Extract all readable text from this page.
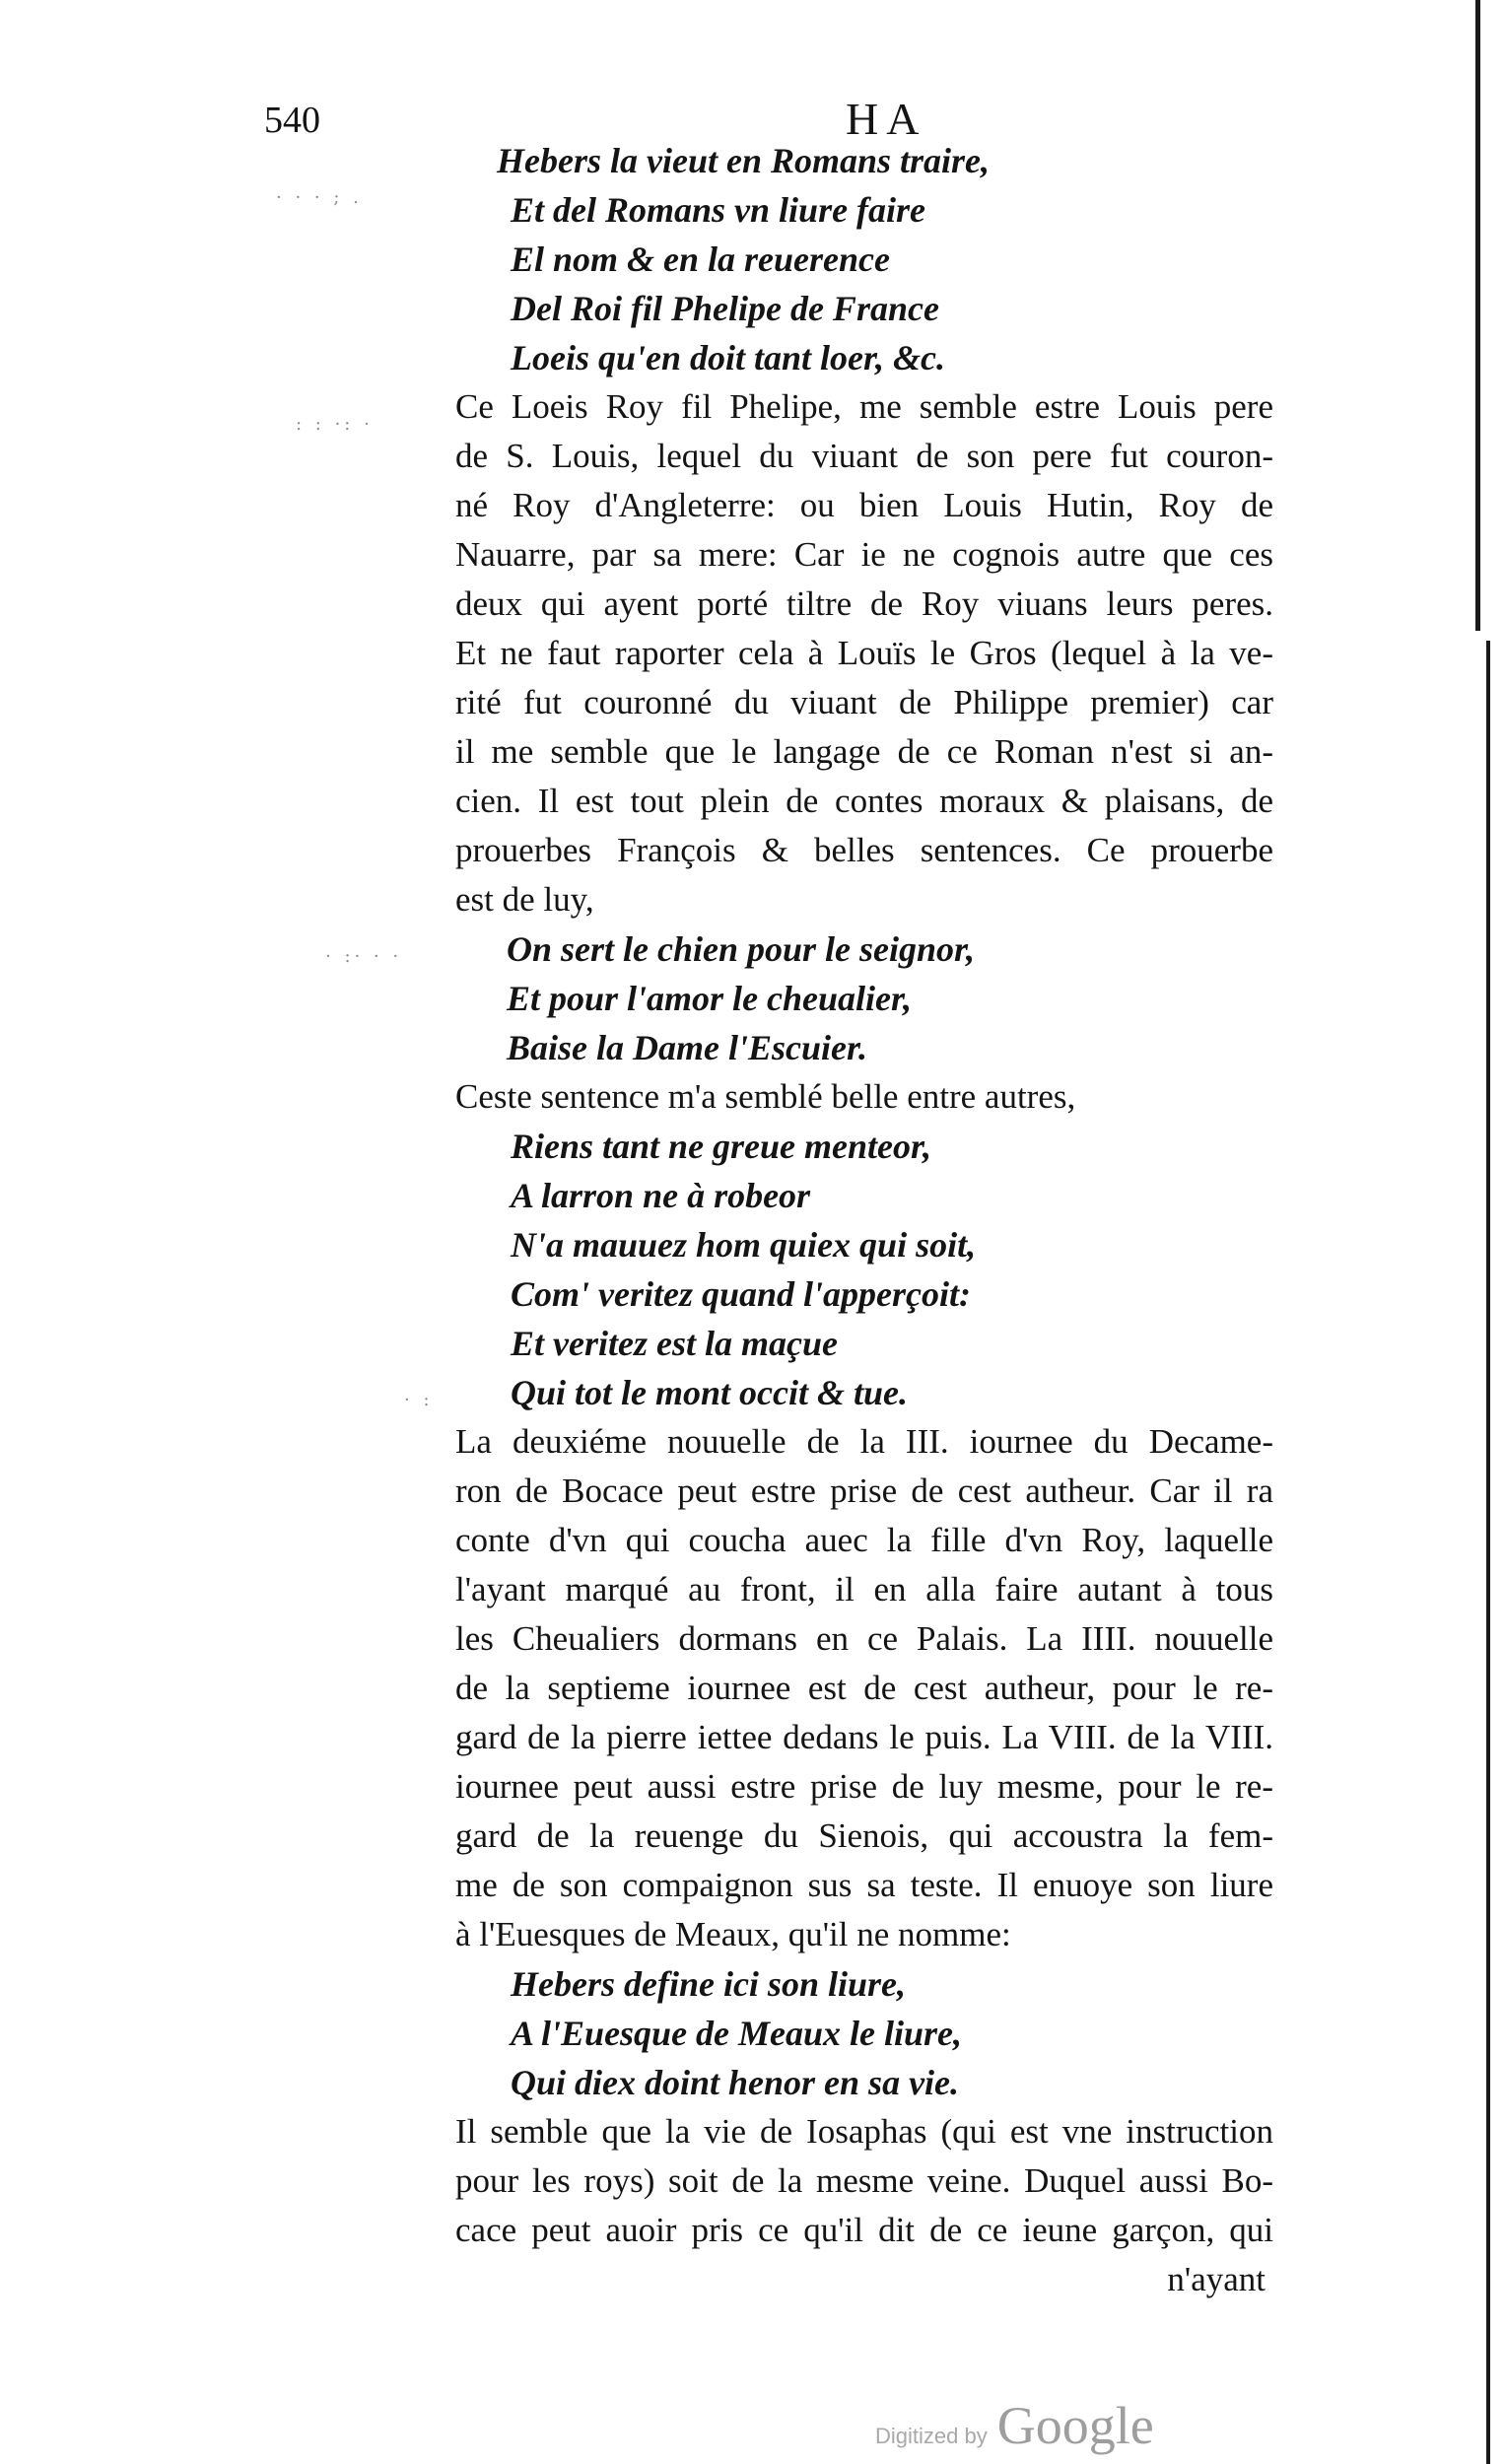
540	HA
· · · ; .
: : ·: ·
· :· · ·
· :
Hebers la vieut en Romans traire,
Et del Romans vn liure faire
El nom & en la reuerence
Del Roi fil Phelipe de France
Loeis qu'en doit tant loer, &c.
Ce Loeis Roy fil Phelipe, me semble estre Louis pere
de S. Louis, lequel du viuant de son pere fut couron-
né Roy d'Angleterre: ou bien Louis Hutin, Roy de
Nauarre, par sa mere: Car ie ne cognois autre que ces
deux qui ayent porté tiltre de Roy viuans leurs peres.
Et ne faut raporter cela à Louïs le Gros (lequel à la ve-
rité fut couronné du viuant de Philippe premier) car
il me semble que le langage de ce Roman n'est si an-
cien. Il est tout plein de contes moraux & plaisans, de
prouerbes François & belles sentences. Ce prouerbe
est de luy,
On sert le chien pour le seignor,
Et pour l'amor le cheualier,
Baise la Dame l'Escuier.
Ceste sentence m'a semblé belle entre autres,
Riens tant ne greue menteor,
A larron ne à robeor
N'a mauuez hom quiex qui soit,
Com' veritez quand l'apperçoit:
Et veritez est la maçue
Qui tot le mont occit & tue.
La deuxiéme nouuelle de la III. iournee du Decame-
ron de Bocace peut estre prise de cest autheur. Car il ra
conte d'vn qui coucha auec la fille d'vn Roy, laquelle
l'ayant marqué au front, il en alla faire autant à tous
les Cheualiers dormans en ce Palais. La IIII. nouuelle
de la septieme iournee est de cest autheur, pour le re-
gard de la pierre iettee dedans le puis. La VIII. de la VIII.
iournee peut aussi estre prise de luy mesme, pour le re-
gard de la reuenge du Sienois, qui accoustra la fem-
me de son compaignon sus sa teste. Il enuoye son liure
à l'Euesques de Meaux, qu'il ne nomme:
Hebers define ici son liure,
A l'Euesque de Meaux le liure,
Qui diex doint henor en sa vie.
Il semble que la vie de Iosaphas (qui est vne instruction
pour les roys) soit de la mesme veine. Duquel aussi Bo-
cace peut auoir pris ce qu'il dit de ce ieune garçon, qui
n'ayant
Digitized by Google
